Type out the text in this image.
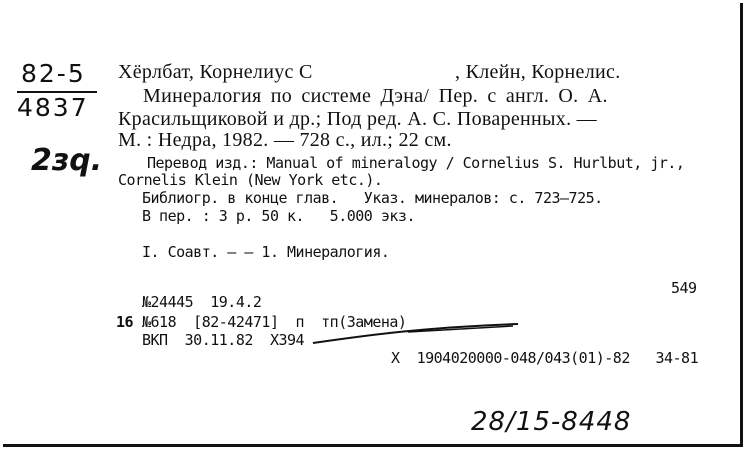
82-5
4837
2зq.
Хёрлбат, Корнелиус С	, Клейн, Корнелис.
Минералогия по системе Дэна/ Пер. с англ. О. А.
Красильщиковой и др.; Под ред. А. С. Поваренных. —
М. : Недра, 1982. — 728 с., ил.; 22 см.
Перевод изд.: Manual of mineralogy / Cornelius S. Hurlbut, jr.,
Cornelis Klein (New York etc.).
Библиогр. в конце глав.   Указ. минералов: с. 723—725.
В пер. : 3 р. 50 к.   5.000 экз.
I. Соавт. — — 1. Минералогия.
549
№24445  19.4.2
16 №618  [82-42471]  п  тп(Замена)
ВКП  30.11.82  Х394
X  1904020000-048/043(01)-82   34-81
28/15-8448
